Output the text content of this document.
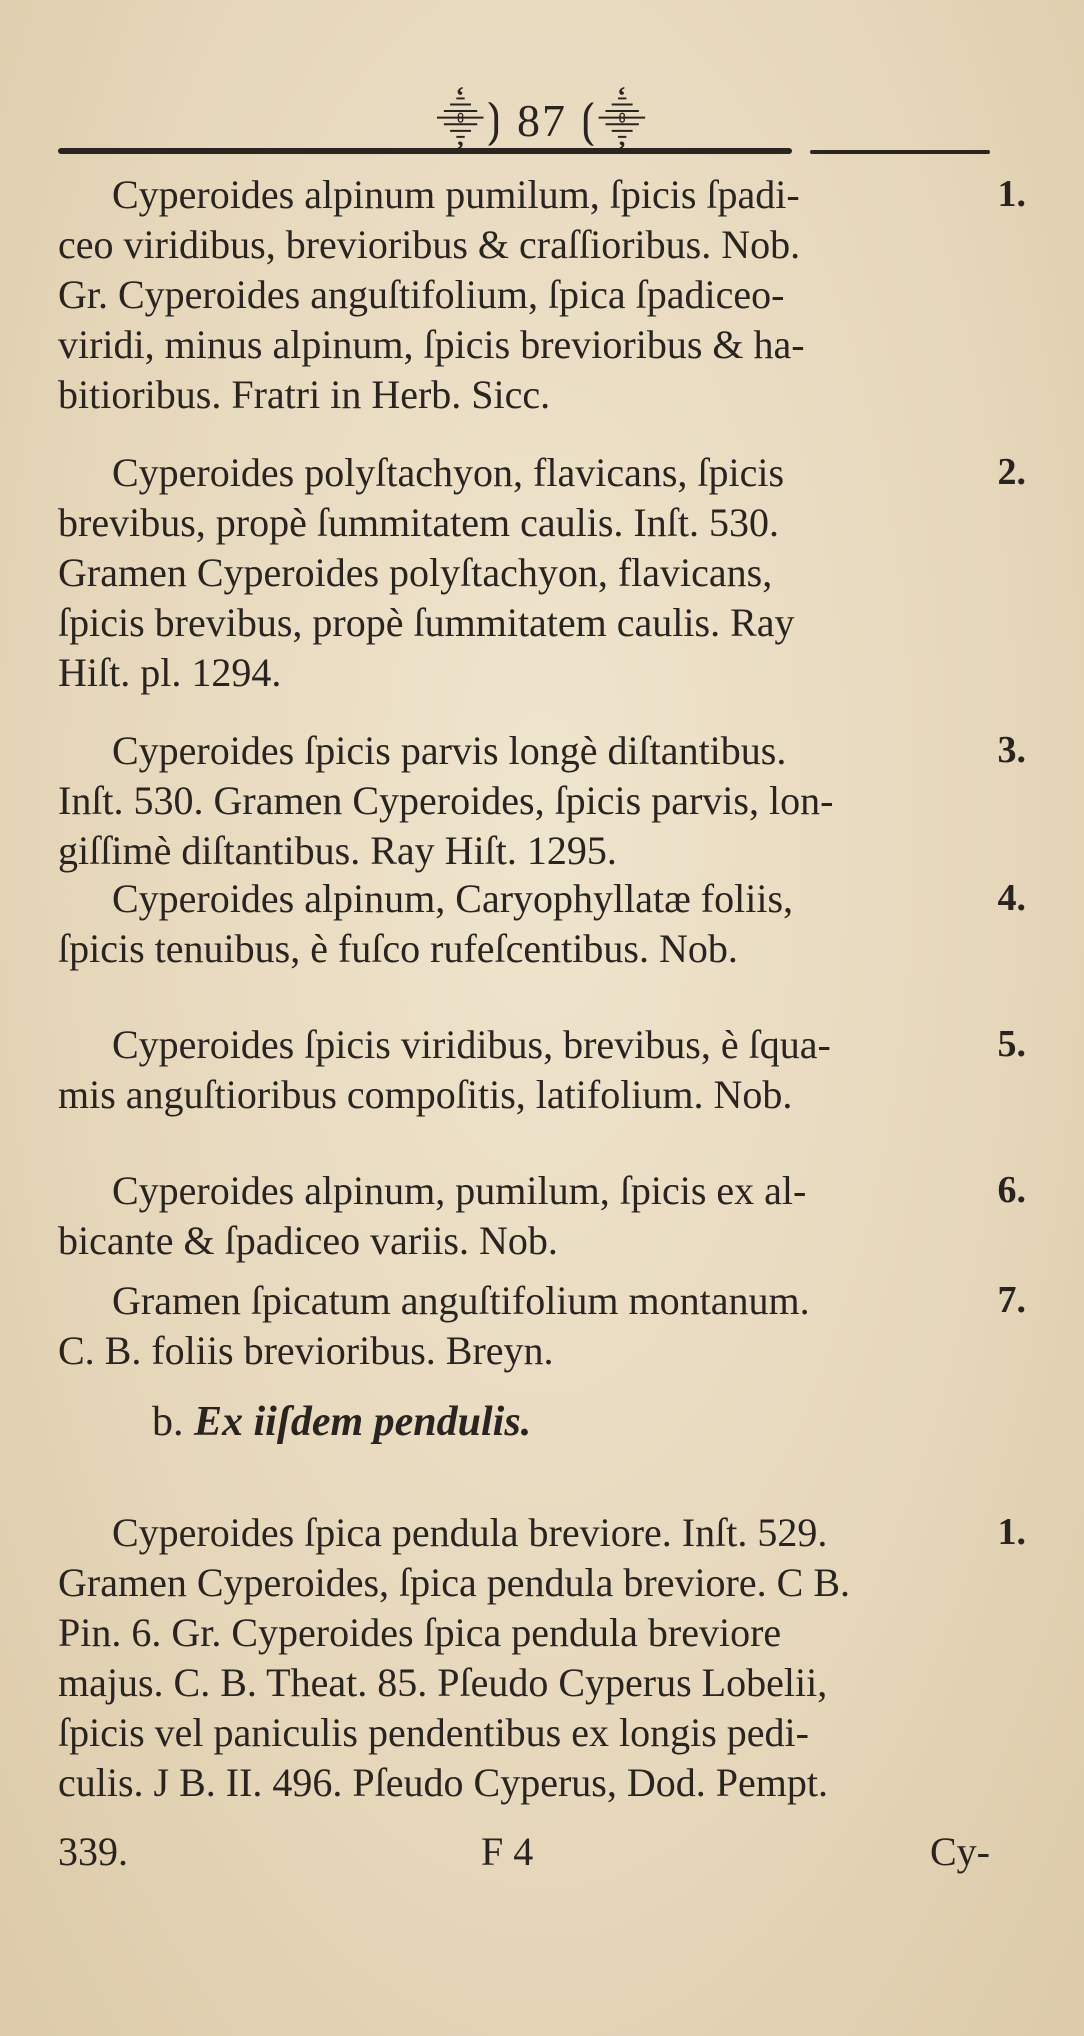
⸎⟯ 87 ⟮⸎
Cyperoides alpinum pumilum, ſpicis ſpadi-
ceo viridibus, brevioribus & craſſioribus. Nob.
Gr. Cyperoides anguſtifolium, ſpica ſpadiceo-
viridi, minus alpinum, ſpicis brevioribus & ha-
bitioribus. Fratri in Herb. Sicc.
1.
Cyperoides polyſtachyon, flavicans, ſpicis
brevibus, propè ſummitatem caulis. Inſt. 530.
Gramen Cyperoides polyſtachyon, flavicans,
ſpicis brevibus, propè ſummitatem caulis. Ray
Hiſt. pl. 1294.
2.
Cyperoides ſpicis parvis longè diſtantibus.
Inſt. 530. Gramen Cyperoides, ſpicis parvis, lon-
giſſimè diſtantibus. Ray Hiſt. 1295.
3.
Cyperoides alpinum, Caryophyllatæ foliis,
ſpicis tenuibus, è fuſco rufeſcentibus. Nob.
4.
Cyperoides ſpicis viridibus, brevibus, è ſqua-
mis anguſtioribus compoſitis, latifolium. Nob.
5.
Cyperoides alpinum, pumilum, ſpicis ex al-
bicante & ſpadiceo variis. Nob.
6.
Gramen ſpicatum anguſtifolium montanum.
C. B. foliis brevioribus. Breyn.
7.
b. Ex iiſdem pendulis.
Cyperoides ſpica pendula breviore. Inſt. 529.
Gramen Cyperoides, ſpica pendula breviore. C B.
Pin. 6. Gr. Cyperoides ſpica pendula breviore
majus. C. B. Theat. 85. Pſeudo Cyperus Lobelii,
ſpicis vel paniculis pendentibus ex longis pedi-
culis. J B. II. 496. Pſeudo Cyperus, Dod. Pempt.
1.
339.	F 4	Cy-
